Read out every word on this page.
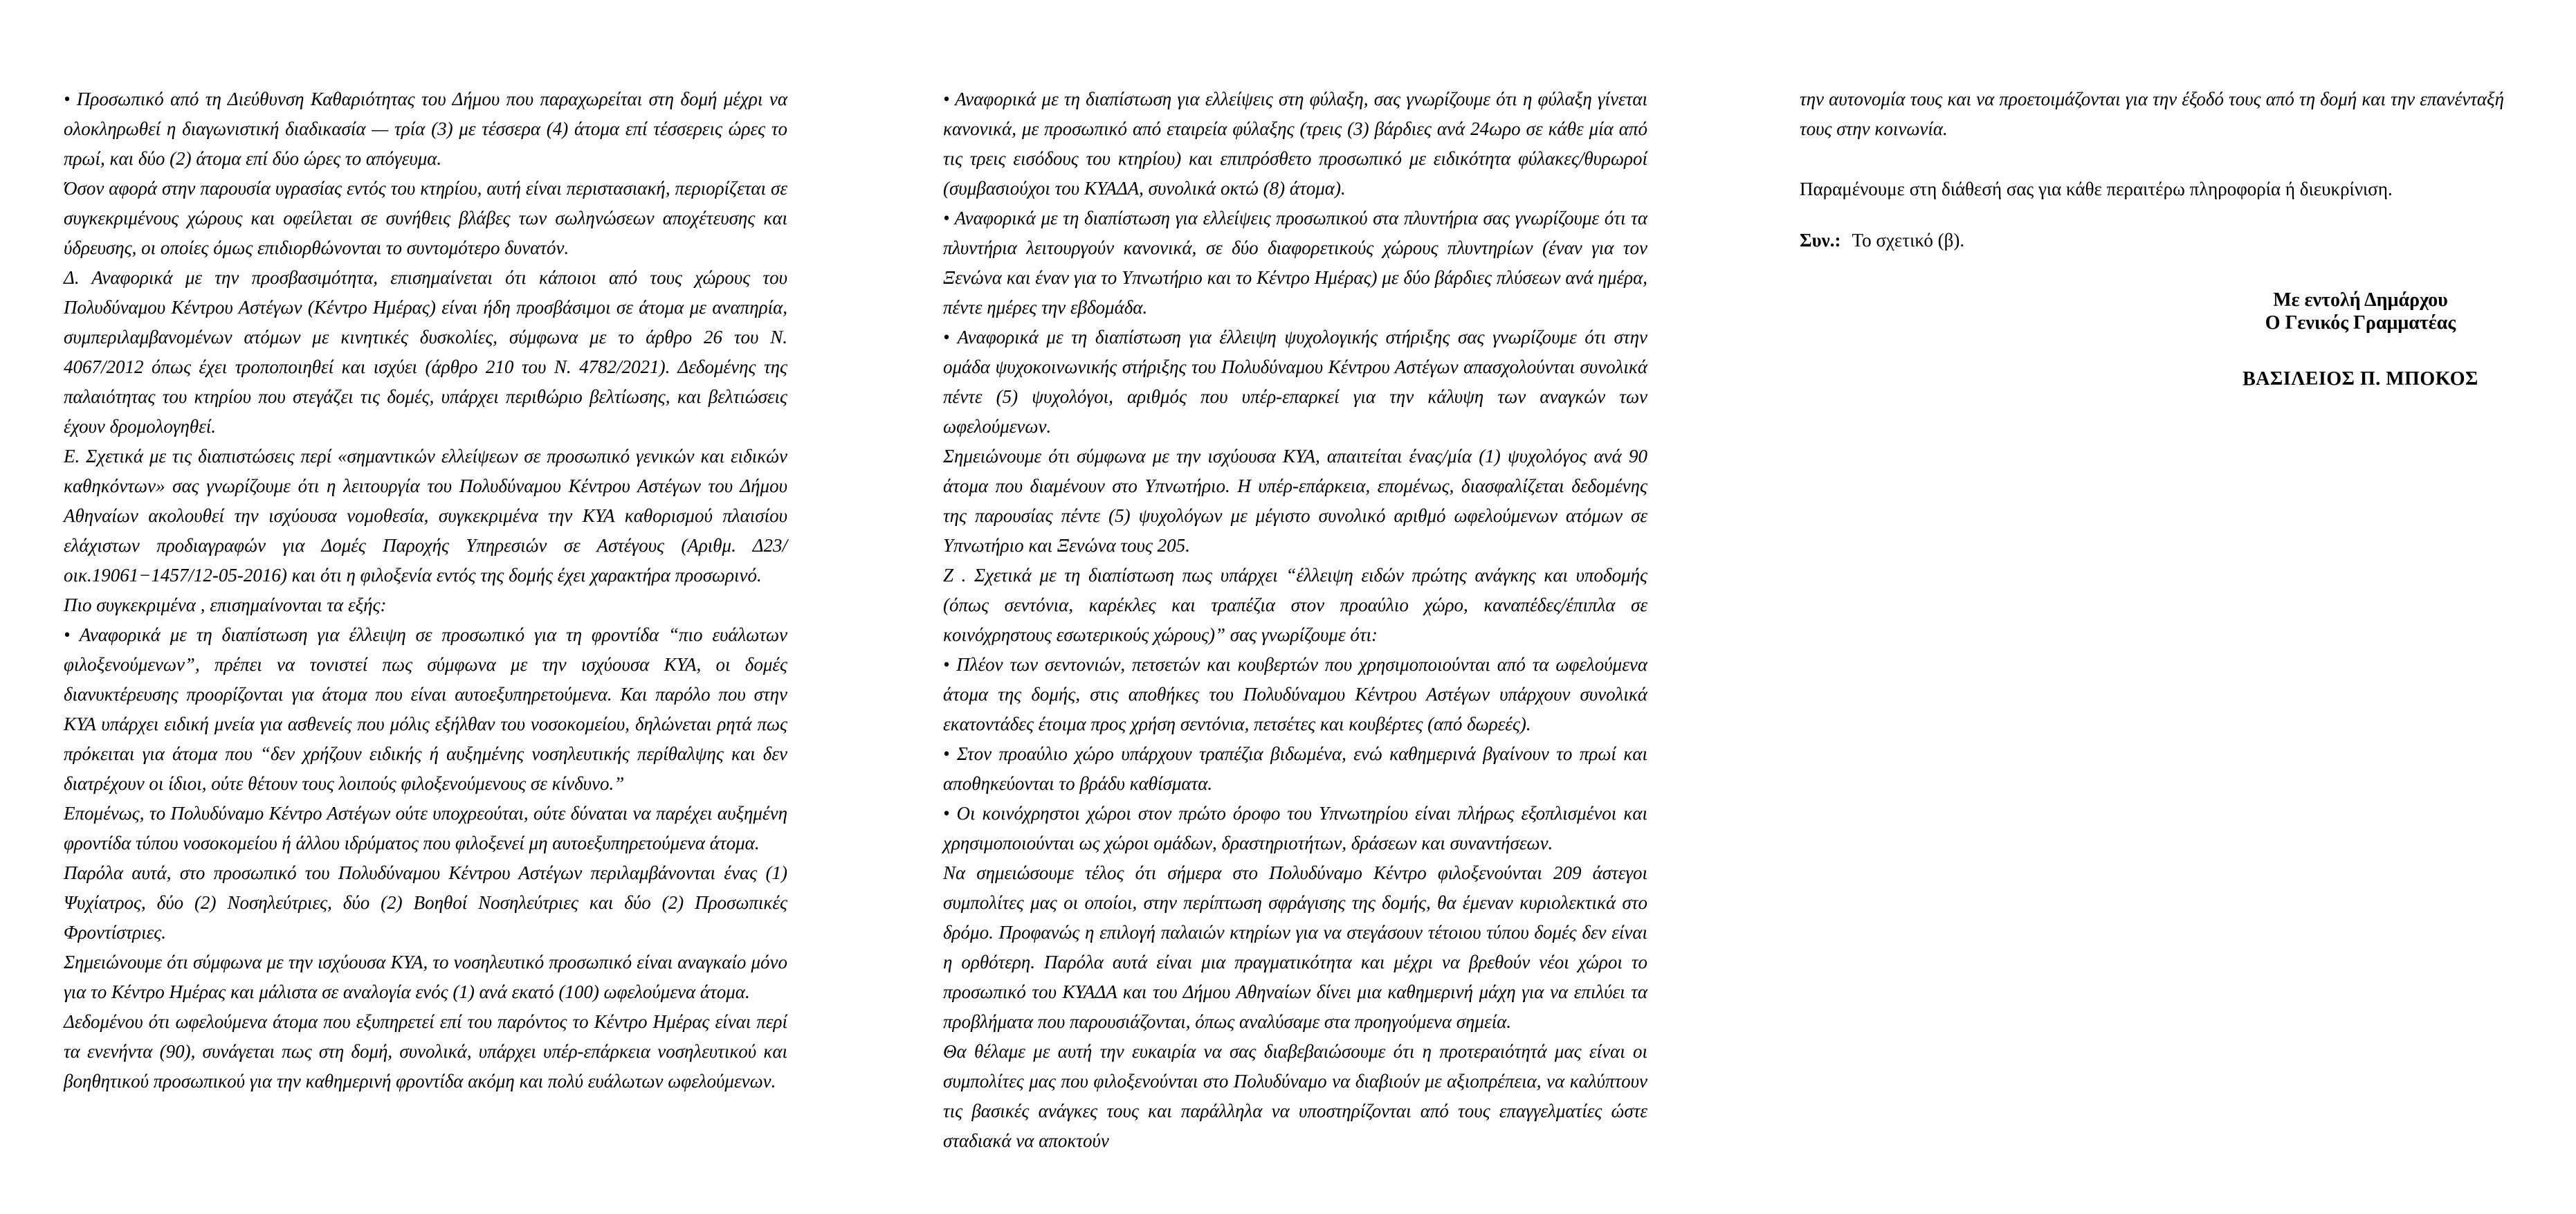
• Προσωπικό από τη Διεύθυνση Καθαριότητας του Δήμου που παραχωρείται στη δομή μέχρι να ολοκληρωθεί η διαγωνιστική διαδικασία — τρία (3) με τέσσερα (4) άτομα επί τέσσερεις ώρες το πρωί, και δύο (2) άτομα επί δύο ώρες το απόγευμα.

Όσον αφορά στην παρουσία υγρασίας εντός του κτηρίου, αυτή είναι περιστασιακή, περιορίζεται σε συγκεκριμένους χώρους και οφείλεται σε συνήθεις βλάβες των σωληνώσεων αποχέτευσης και ύδρευσης, οι οποίες όμως επιδιορθώνονται το συντομότερο δυνατόν.

Δ. Αναφορικά με την προσβασιμότητα, επισημαίνεται ότι κάποιοι από τους χώρους του Πολυδύναμου Κέντρου Αστέγων (Κέντρο Ημέρας) είναι ήδη προσβάσιμοι σε άτομα με αναπηρία, συμπεριλαμβανομένων ατόμων με κινητικές δυσκολίες, σύμφωνα με το άρθρο 26 του Ν. 4067/2012 όπως έχει τροποποιηθεί και ισχύει (άρθρο 210 του Ν. 4782/2021). Δεδομένης της παλαιότητας του κτηρίου που στεγάζει τις δομές, υπάρχει περιθώριο βελτίωσης, και βελτιώσεις έχουν δρομολογηθεί.

Ε. Σχετικά με τις διαπιστώσεις περί «σημαντικών ελλείψεων σε προσωπικό γενικών και ειδικών καθηκόντων» σας γνωρίζουμε ότι η λειτουργία του Πολυδύναμου Κέντρου Αστέγων του Δήμου Αθηναίων ακολουθεί την ισχύουσα νομοθεσία, συγκεκριμένα την ΚΥΑ καθορισμού πλαισίου ελάχιστων προδιαγραφών για Δομές Παροχής Υπηρεσιών σε Αστέγους (Αριθμ. Δ23/οικ.19061−1457/12-05-2016) και ότι η φιλοξενία εντός της δομής έχει χαρακτήρα προσωρινό.

Πιο συγκεκριμένα , επισημαίνονται τα εξής:

• Αναφορικά με τη διαπίστωση για έλλειψη σε προσωπικό για τη φροντίδα “πιο ευάλωτων φιλοξενούμενων”, πρέπει να τονιστεί πως σύμφωνα με την ισχύουσα ΚΥΑ, οι δομές διανυκτέρευσης προορίζονται για άτομα που είναι αυτοεξυπηρετούμενα. Και παρόλο που στην ΚΥΑ υπάρχει ειδική μνεία για ασθενείς που μόλις εξήλθαν του νοσοκομείου, δηλώνεται ρητά πως πρόκειται για άτομα που “δεν χρήζουν ειδικής ή αυξημένης νοσηλευτικής περίθαλψης και δεν διατρέχουν οι ίδιοι, ούτε θέτουν τους λοιπούς φιλοξενούμενους σε κίνδυνο.”

Επομένως, το Πολυδύναμο Κέντρο Αστέγων ούτε υποχρεούται, ούτε δύναται να παρέχει αυξημένη φροντίδα τύπου νοσοκομείου ή άλλου ιδρύματος που φιλοξενεί μη αυτοεξυπηρετούμενα άτομα.

Παρόλα αυτά, στο προσωπικό του Πολυδύναμου Κέντρου Αστέγων περιλαμβάνονται ένας (1) Ψυχίατρος, δύο (2) Νοσηλεύτριες, δύο (2) Βοηθοί Νοσηλεύτριες και δύο (2) Προσωπικές Φροντίστριες.

Σημειώνουμε ότι σύμφωνα με την ισχύουσα ΚΥΑ, το νοσηλευτικό προσωπικό είναι αναγκαίο μόνο για το Κέντρο Ημέρας και μάλιστα σε αναλογία ενός (1) ανά εκατό (100) ωφελούμενα άτομα.

Δεδομένου ότι ωφελούμενα άτομα που εξυπηρετεί επί του παρόντος το Κέντρο Ημέρας είναι περί τα ενενήντα (90), συνάγεται πως στη δομή, συνολικά, υπάρχει υπέρ-επάρκεια νοσηλευτικού και βοηθητικού προσωπικού για την καθημερινή φροντίδα ακόμη και πολύ ευάλωτων ωφελούμενων.

• Αναφορικά με τη διαπίστωση για ελλείψεις στη φύλαξη, σας γνωρίζουμε ότι η φύλαξη γίνεται κανονικά, με προσωπικό από εταιρεία φύλαξης (τρεις (3) βάρδιες ανά 24ωρο σε κάθε μία από τις τρεις εισόδους του κτηρίου) και επιπρόσθετο προσωπικό με ειδικότητα φύλακες/θυρωροί (συμβασιούχοι του ΚΥΑΔΑ, συνολικά οκτώ (8) άτομα).

• Αναφορικά με τη διαπίστωση για ελλείψεις προσωπικού στα πλυντήρια σας γνωρίζουμε ότι τα πλυντήρια λειτουργούν κανονικά, σε δύο διαφορετικούς χώρους πλυντηρίων (έναν για τον Ξενώνα και έναν για το Υπνωτήριο και το Κέντρο Ημέρας) με δύο βάρδιες πλύσεων ανά ημέρα, πέντε ημέρες την εβδομάδα.

• Αναφορικά με τη διαπίστωση για έλλειψη ψυχολογικής στήριξης σας γνωρίζουμε ότι στην ομάδα ψυχοκοινωνικής στήριξης του Πολυδύναμου Κέντρου Αστέγων απασχολούνται συνολικά πέντε (5) ψυχολόγοι, αριθμός που υπέρ-επαρκεί για την κάλυψη των αναγκών των ωφελούμενων.

Σημειώνουμε ότι σύμφωνα με την ισχύουσα ΚΥΑ, απαιτείται ένας/μία (1) ψυχολόγος ανά 90 άτομα που διαμένουν στο Υπνωτήριο. Η υπέρ-επάρκεια, επομένως, διασφαλίζεται δεδομένης της παρουσίας πέντε (5) ψυχολόγων με μέγιστο συνολικό αριθμό ωφελούμενων ατόμων σε Υπνωτήριο και Ξενώνα τους 205.

Ζ . Σχετικά με τη διαπίστωση πως υπάρχει “έλλειψη ειδών πρώτης ανάγκης και υποδομής (όπως σεντόνια, καρέκλες και τραπέζια στον προαύλιο χώρο, καναπέδες/έπιπλα σε κοινόχρηστους εσωτερικούς χώρους)” σας γνωρίζουμε ότι:

• Πλέον των σεντονιών, πετσετών και κουβερτών που χρησιμοποιούνται από τα ωφελούμενα άτομα της δομής, στις αποθήκες του Πολυδύναμου Κέντρου Αστέγων υπάρχουν συνολικά εκατοντάδες έτοιμα προς χρήση σεντόνια, πετσέτες και κουβέρτες (από δωρεές).

• Στον προαύλιο χώρο υπάρχουν τραπέζια βιδωμένα, ενώ καθημερινά βγαίνουν το πρωί και αποθηκεύονται το βράδυ καθίσματα.

• Οι κοινόχρηστοι χώροι στον πρώτο όροφο του Υπνωτηρίου είναι πλήρως εξοπλισμένοι και χρησιμοποιούνται ως χώροι ομάδων, δραστηριοτήτων, δράσεων και συναντήσεων.

Να σημειώσουμε τέλος ότι σήμερα στο Πολυδύναμο Κέντρο φιλοξενούνται 209 άστεγοι συμπολίτες μας οι οποίοι, στην περίπτωση σφράγισης της δομής, θα έμεναν κυριολεκτικά στο δρόμο. Προφανώς η επιλογή παλαιών κτηρίων για να στεγάσουν τέτοιου τύπου δομές δεν είναι η ορθότερη. Παρόλα αυτά είναι μια πραγματικότητα και μέχρι να βρεθούν νέοι χώροι το προσωπικό του ΚΥΑΔΑ και του Δήμου Αθηναίων δίνει μια καθημερινή μάχη για να επιλύει τα προβλήματα που παρουσιάζονται, όπως αναλύσαμε στα προηγούμενα σημεία.

Θα θέλαμε με αυτή την ευκαιρία να σας διαβεβαιώσουμε ότι η προτεραιότητά μας είναι οι συμπολίτες μας που φιλοξενούνται στο Πολυδύναμο να διαβιούν με αξιοπρέπεια, να καλύπτουν τις βασικές ανάγκες τους και παράλληλα να υποστηρίζονται από τους επαγγελματίες ώστε σταδιακά να αποκτούν

την αυτονομία τους και να προετοιμάζονται για την έξοδό τους από τη δομή και την επανένταξή τους στην κοινωνία.

Παραμένουμε στη διάθεσή σας για κάθε περαιτέρω πληροφορία ή διευκρίνιση.

Συν.: Το σχετικό (β).

Με εντολή Δημάρχου
Ο Γενικός Γραμματέας
ΒΑΣΙΛΕΙΟΣ Π. ΜΠΟΚΟΣ
